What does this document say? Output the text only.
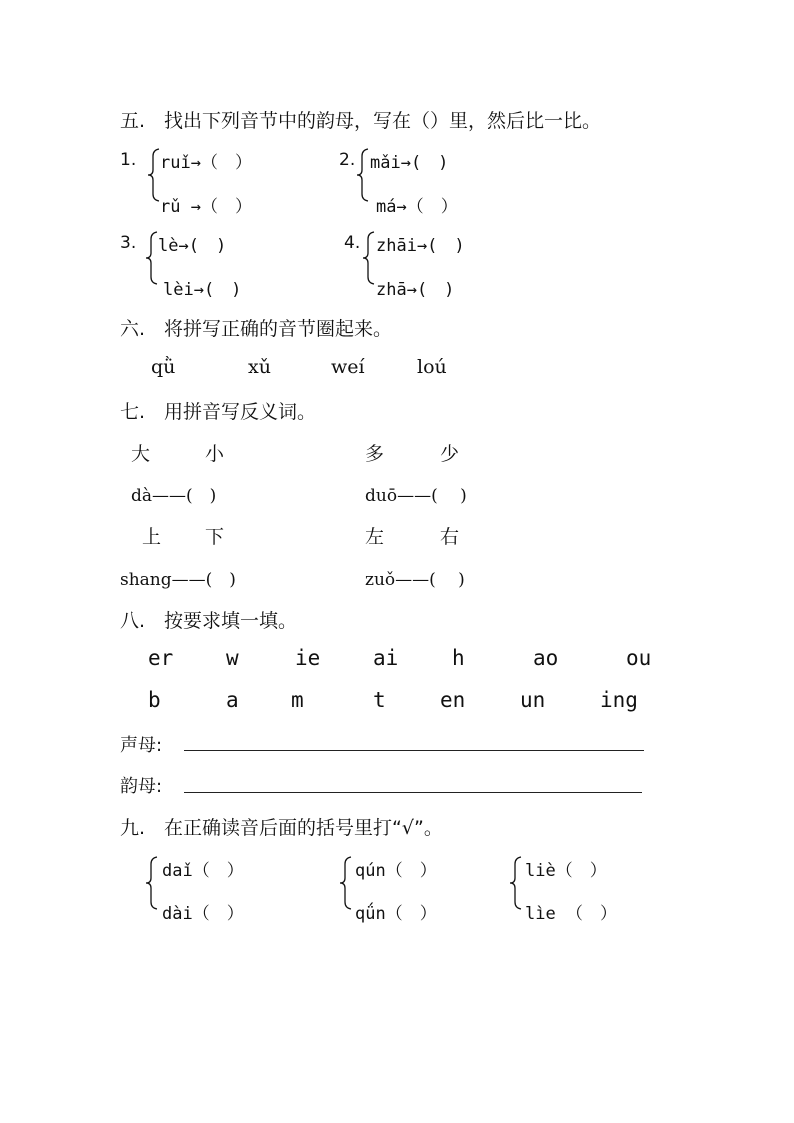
五.　找出下列音节中的韵母，写在（）里，然后比一比。
1. ruǐ→（　）
rǔ →（　）
2. mǎi→(　)
má→（　）
3. lè→(　)
lèi→(　)
4. zhāi→(　)
zhā→(　)
六.　将拼写正确的音节圈起来。
qǜ	xǔ	weí	loú
七.　用拼音写反义词。
大	小
dà——(　)
多	少
duō——(　 )
上 下
shang——(　)
左	右
zuǒ——(　 )
八.　按要求填一填。
er	w	ie	ai	h	ao	ou
b	a m	t	en	un	ing
声母:
韵母:
九.　在正确读音后面的括号里打“√”。
daǐ（　）
dài（　）
qún（　）
qǘn（　）
liè（　）
lìe （　）
